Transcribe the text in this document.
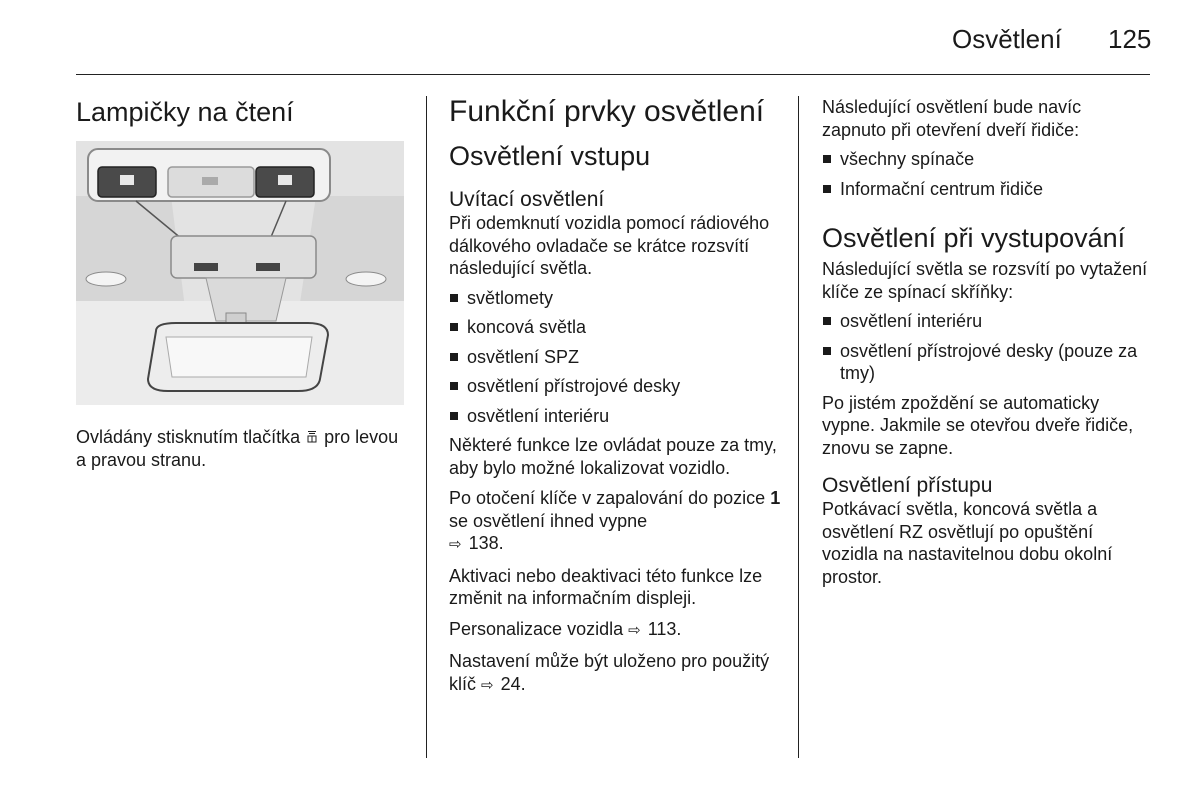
Osvětlení 125
Lampičky na čtení

Ovládány stisknutím tlačítka pro levou a pravou stranu.

Funkční prvky osvětlení
Osvětlení vstupu
Uvítací osvětlení

Při odemknutí vozidla pomocí rádiového dálkového ovladače se krátce rozsvítí následující světla.

světlomety
koncová světla
osvětlení SPZ
osvětlení přístrojové desky
osvětlení interiéru

Některé funkce lze ovládat pouze za tmy, aby bylo možné lokalizovat vozidlo.

Po otočení klíče v zapalování do pozice 1 se osvětlení ihned vypne
⇨ 138.

Aktivaci nebo deaktivaci této funkce lze změnit na informačním displeji.

Personalizace vozidla ⇨ 113.

Nastavení může být uloženo pro použitý klíč ⇨ 24.

Následující osvětlení bude navíc zapnuto při otevření dveří řidiče:

všechny spínače
Informační centrum řidiče
Osvětlení při vystupování

Následující světla se rozsvítí po vytažení klíče ze spínací skříňky:

osvětlení interiéru
osvětlení přístrojové desky (pouze za tmy)

Po jistém zpoždění se automaticky vypne. Jakmile se otevřou dveře řidiče, znovu se zapne.

Osvětlení přístupu

Potkávací světla, koncová světla a osvětlení RZ osvětlují po opuštění vozidla na nastavitelnou dobu okolní prostor.
